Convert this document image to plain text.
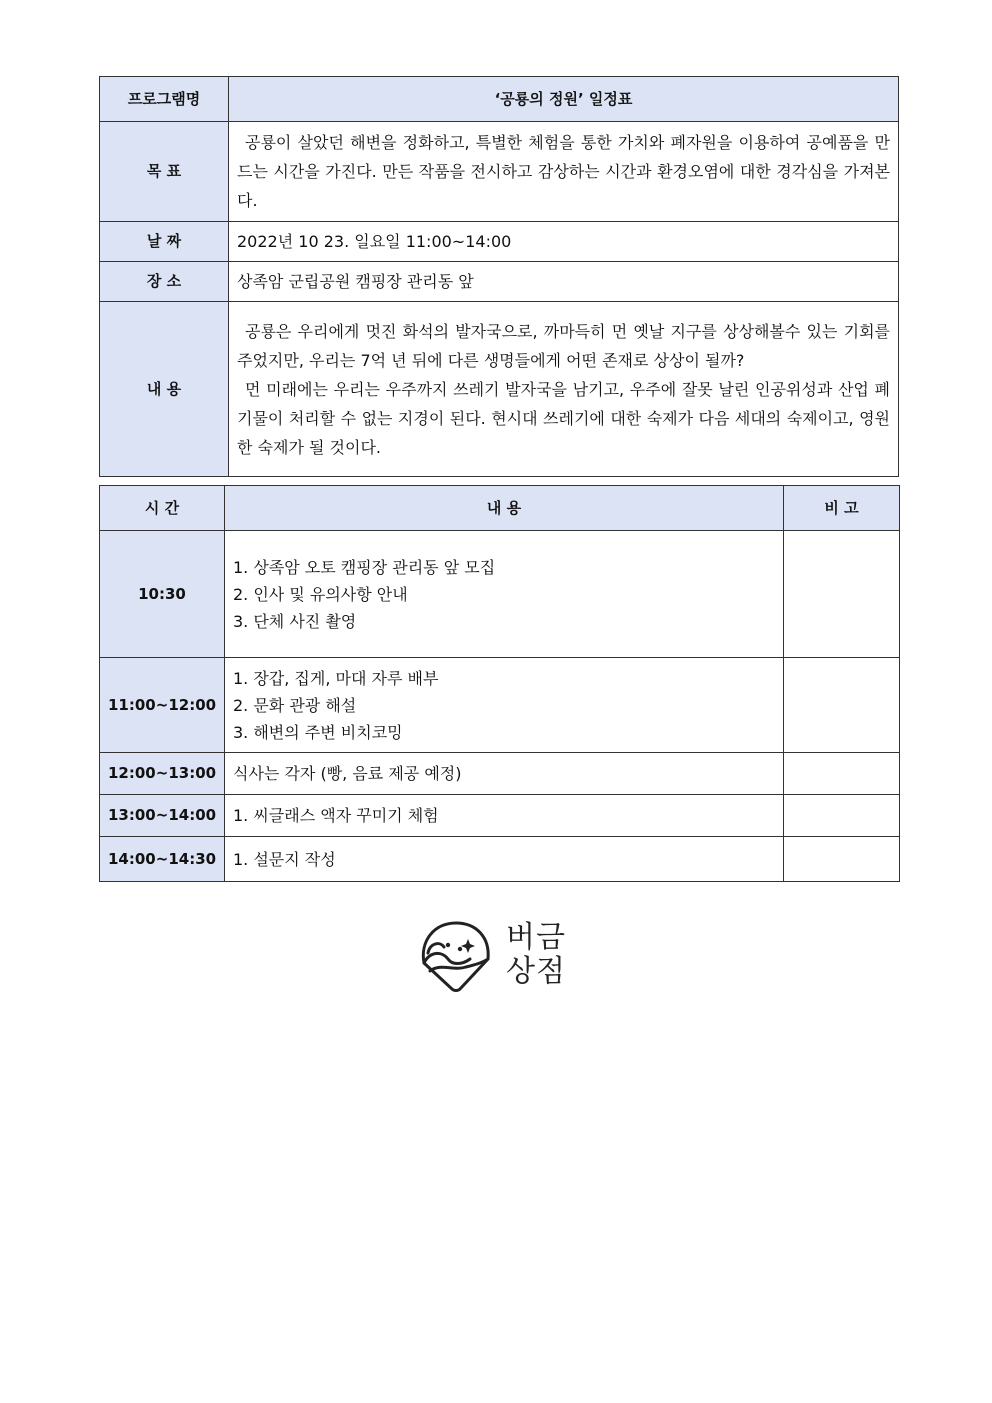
프로그램명	‘공룡의 정원’ 일정표
목 표	공룡이 살았던 해변을 정화하고, 특별한 체험을 통한 가치와 폐자원을 이용하여 공예품을 만드는 시간을 가진다. 만든 작품을 전시하고 감상하는 시간과 환경오염에 대한 경각심을 가져본다.

날 짜	2022년 10 23. 일요일 11:00~14:00
장 소	상족암 군립공원 캠핑장 관리동 앞
내 용	공룡은 우리에게 멋진 화석의 발자국으로, 까마득히 먼 옛날 지구를 상상해볼수 있는 기회를 주었지만, 우리는 7억 년 뒤에 다른 생명들에게 어떤 존재로 상상이 될까?
먼 미래에는 우리는 우주까지 쓰레기 발자국을 남기고, 우주에 잘못 날린 인공위성과 산업 폐기물이 처리할 수 없는 지경이 된다. 현시대 쓰레기에 대한 숙제가 다음 세대의 숙제이고, 영원한 숙제가 될 것이다.
시 간	내 용	비 고
10:30	1. 상족암 오토 캠핑장 관리동 앞 모집
2. 인사 및 유의사항 안내
3. 단체 사진 촬영	

11:00~12:00	1. 장갑, 집게, 마대 자루 배부
2. 문화 관광 해설
3. 해변의 주변 비치코밍	

12:00~13:00	식사는 각자 (빵, 음료 제공 예정)	

13:00~14:00	1. 씨글래스 액자 꾸미기 체험	

14:00~14:30	1. 설문지 작성	

버금
상점
